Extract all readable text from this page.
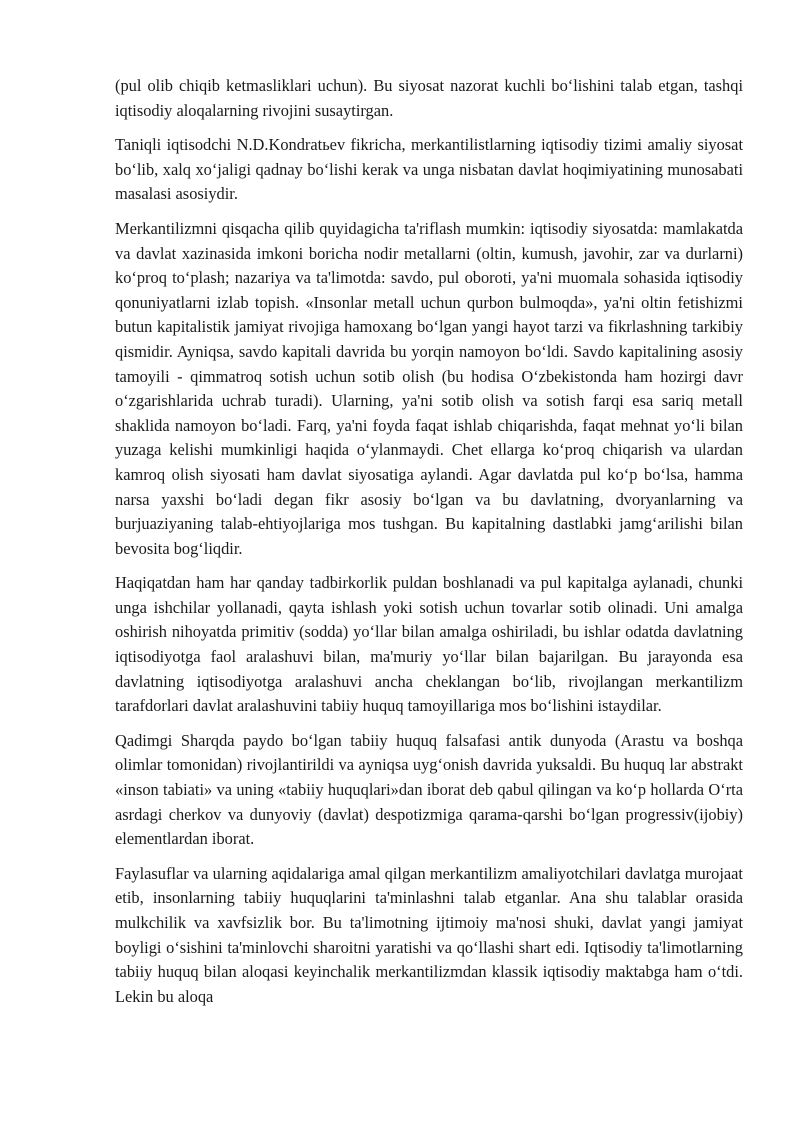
(pul olib chiqib ketmasliklari uchun). Bu siyosat nazorat kuchli bo‘lishini talab etgan, tashqi iqtisodiy aloqalarning rivojini susaytirgan.

Taniqli iqtisodchi N.D.Kondratьev fikricha, merkantilistlarning iqtisodiy tizimi amaliy siyosat bo‘lib, xalq xo‘jaligi qadnay bo‘lishi kerak va unga nisbatan davlat hoqimiyatining munosabati masalasi asosiydir.

Merkantilizmni qisqacha qilib quyidagicha ta'riflash mumkin: iqtisodiy siyosatda: mamlakatda va davlat xazinasida imkoni boricha nodir metallarni (oltin, kumush, javohir, zar va durlarni) ko‘proq to‘plash; nazariya va ta'limotda: savdo, pul oboroti, ya'ni muomala sohasida iqtisodiy qonuniyatlarni izlab topish. «Insonlar metall uchun qurbon bulmoqda», ya'ni oltin fetishizmi butun kapitalistik jamiyat rivojiga hamoxang bo‘lgan yangi hayot tarzi va fikrlashning tarkibiy qismidir. Ayniqsa, savdo kapitali davrida bu yorqin namoyon bo‘ldi. Savdo kapitalining asosiy tamoyili - qimmatroq sotish uchun sotib olish (bu hodisa O‘zbekistonda ham hozirgi davr o‘zgarishlarida uchrab turadi). Ularning, ya'ni sotib olish va sotish farqi esa sariq metall shaklida namoyon bo‘ladi. Farq, ya'ni foyda faqat ishlab chiqarishda, faqat mehnat yo‘li bilan yuzaga kelishi mumkinligi haqida o‘ylanmaydi. Chet ellarga ko‘proq chiqarish va ulardan kamroq olish siyosati ham davlat siyosatiga aylandi. Agar davlatda pul ko‘p bo‘lsa, hamma narsa yaxshi bo‘ladi degan fikr asosiy bo‘lgan va bu davlatning, dvoryanlarning va burjuaziyaning talab-ehtiyojlariga mos tushgan. Bu kapitalning dastlabki jamg‘arilishi bilan bevosita bog‘liqdir.

Haqiqatdan ham har qanday tadbirkorlik puldan boshlanadi va pul kapitalga aylanadi, chunki unga ishchilar yollanadi, qayta ishlash yoki sotish uchun tovarlar sotib olinadi. Uni amalga oshirish nihoyatda primitiv (sodda) yo‘llar bilan amalga oshiriladi, bu ishlar odatda davlatning iqtisodiyotga faol aralashuvi bilan, ma'muriy yo‘llar bilan bajarilgan. Bu jarayonda esa davlatning iqtisodiyotga aralashuvi ancha cheklangan bo‘lib, rivojlangan merkantilizm tarafdorlari davlat aralashuvini tabiiy huquq tamoyillariga mos bo‘lishini istaydilar.

Qadimgi Sharqda paydo bo‘lgan tabiiy huquq falsafasi antik dunyoda (Arastu va boshqa olimlar tomonidan) rivojlantirildi va ayniqsa uyg‘onish davrida yuksaldi. Bu huquq lar abstrakt «inson tabiati» va uning «tabiiy huquqlari»dan iborat deb qabul qilingan va ko‘p hollarda O‘rta asrdagi cherkov va dunyoviy (davlat) despotizmiga qarama-qarshi bo‘lgan progressiv(ijobiy) elementlardan iborat.

Faylasuflar va ularning aqidalariga amal qilgan merkantilizm amaliyotchilari davlatga murojaat etib, insonlarning tabiiy huquqlarini ta'minlashni talab etganlar. Ana shu talablar orasida mulkchilik va xavfsizlik bor. Bu ta'limotning ijtimoiy ma'nosi shuki, davlat yangi jamiyat boyligi o‘sishini ta'minlovchi sharoitni yaratishi va qo‘llashi shart edi. Iqtisodiy ta'limotlarning tabiiy huquq bilan aloqasi keyinchalik merkantilizmdan klassik iqtisodiy maktabga ham o‘tdi. Lekin bu aloqa
